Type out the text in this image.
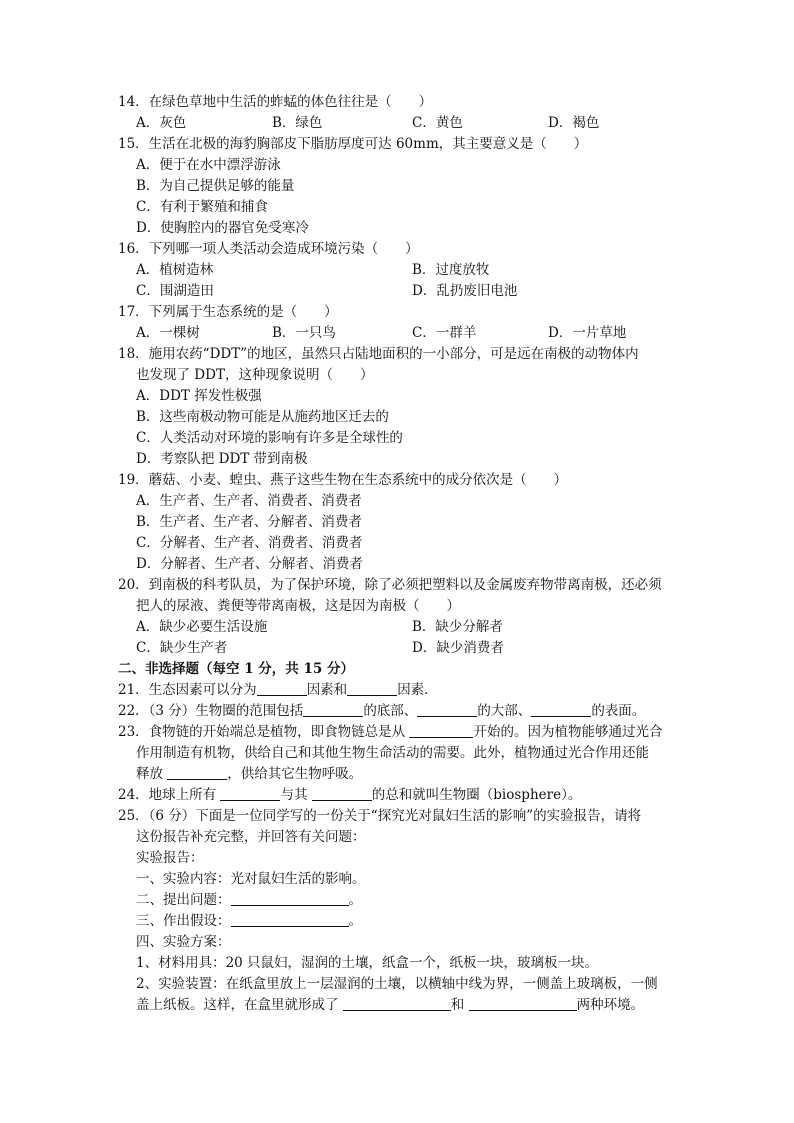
14．在绿色草地中生活的蚱蜢的体色往往是（　　）
A．灰色	B．绿色	C．黄色	D．褐色
15．生活在北极的海豹胸部皮下脂肪厚度可达 60mm，其主要意义是（　　）
A．便于在水中漂浮游泳
B．为自己提供足够的能量
C．有利于繁殖和捕食
D．使胸腔内的器官免受寒冷
16．下列哪一项人类活动会造成环境污染（　　）
A．植树造林	B．过度放牧
C．围湖造田	D．乱扔废旧电池
17．下列属于生态系统的是（　　）
A．一棵树	B．一只鸟	C．一群羊	D．一片草地
18．施用农药“DDT”的地区，虽然只占陆地面积的一小部分，可是远在南极的动物体内
也发现了 DDT，这种现象说明（　　）
A．DDT 挥发性极强
B．这些南极动物可能是从施药地区迁去的
C．人类活动对环境的影响有许多是全球性的
D．考察队把 DDT 带到南极
19．蘑菇、小麦、蝗虫、燕子这些生物在生态系统中的成分依次是（　　）
A．生产者、生产者、消费者、消费者
B．生产者、生产者、分解者、消费者
C．分解者、生产者、消费者、消费者
D．分解者、生产者、分解者、消费者
20．到南极的科考队员，为了保护环境，除了必须把塑料以及金属废弃物带离南极，还必须
把人的尿液、粪便等带离南极，这是因为南极（　　）
A．缺少必要生活设施	B．缺少分解者
C．缺少生产者	D．缺少消费者
二、非选择题（每空 1 分，共 15 分）
21．生态因素可以分为	因素和	因素．
22．（3 分）生物圈的范围包括	的底部、	的大部、	的表面。
23．食物链的开始端总是植物，即食物链总是从	开始的。因为植物能够通过光合
作用制造有机物，供给自己和其他生物生命活动的需要。此外，植物通过光合作用还能
释放	，供给其它生物呼吸。
24．地球上所有	与其	的总和就叫生物圈（biosphere）。
25．（6 分）下面是一位同学写的一份关于“探究光对鼠妇生活的影响”的实验报告，请将
这份报告补充完整，并回答有关问题：
实验报告：
一、实验内容：光对鼠妇生活的影响。
二、提出问题：	。
三、作出假设：	。
四、实验方案：
1、材料用具：20 只鼠妇，湿润的土壤，纸盒一个，纸板一块，玻璃板一块。
2、实验装置：在纸盒里放上一层湿润的土壤，以横轴中线为界，一侧盖上玻璃板，一侧
盖上纸板。这样，在盒里就形成了	和	两种环境。
